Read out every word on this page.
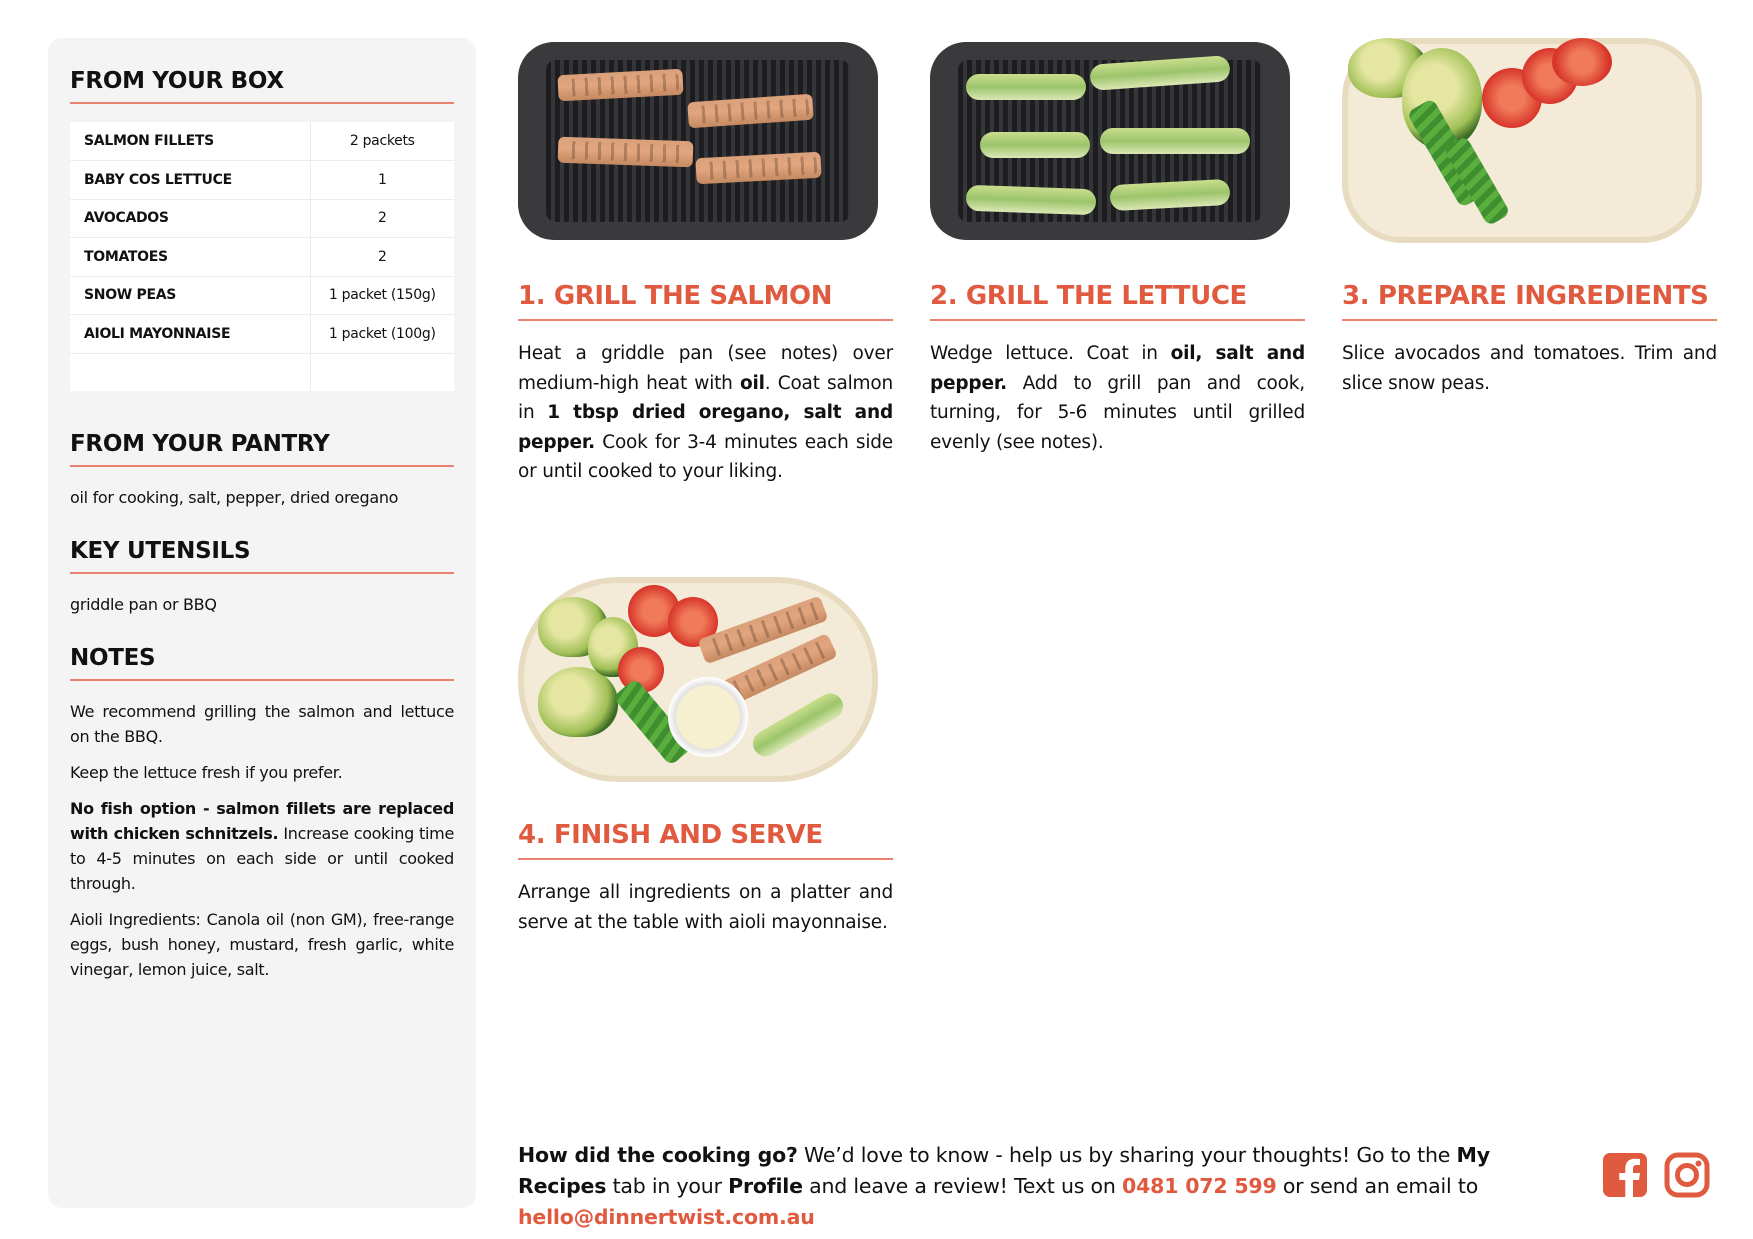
FROM YOUR BOX
SALMON FILLETS	2 packets
BABY COS LETTUCE	1
AVOCADOS	2
TOMATOES	2
SNOW PEAS	1 packet (150g)
AIOLI MAYONNAISE	1 packet (100g)

FROM YOUR PANTRY
oil for cooking, salt, pepper, dried oregano
KEY UTENSILS
griddle pan or BBQ
NOTES

We recommend grilling the salmon and lettuce on the BBQ.

Keep the lettuce fresh if you prefer.

No fish option - salmon fillets are replaced with chicken schnitzels. Increase cooking time to 4-5 minutes on each side or until cooked through.

Aioli Ingredients: Canola oil (non GM), free-range eggs, bush honey, mustard, fresh garlic, white vinegar, lemon juice, salt.

1. GRILL THE SALMON

Heat a griddle pan (see notes) over medium-high heat with oil. Coat salmon in 1 tbsp dried oregano, salt and pepper. Cook for 3-4 minutes each side or until cooked to your liking.

2. GRILL THE LETTUCE

Wedge lettuce. Coat in oil, salt and pepper. Add to grill pan and cook, turning, for 5-6 minutes until grilled evenly (see notes).

3. PREPARE INGREDIENTS

Slice avocados and tomatoes. Trim and slice snow peas.

4. FINISH AND SERVE

Arrange all ingredients on a platter and serve at the table with aioli mayonnaise.

How did the cooking go? We’d love to know - help us by sharing your thoughts! Go to the My Recipes tab in your Profile and leave a review! Text us on 0481 072 599 or send an email to hello@dinnertwist.com.au
